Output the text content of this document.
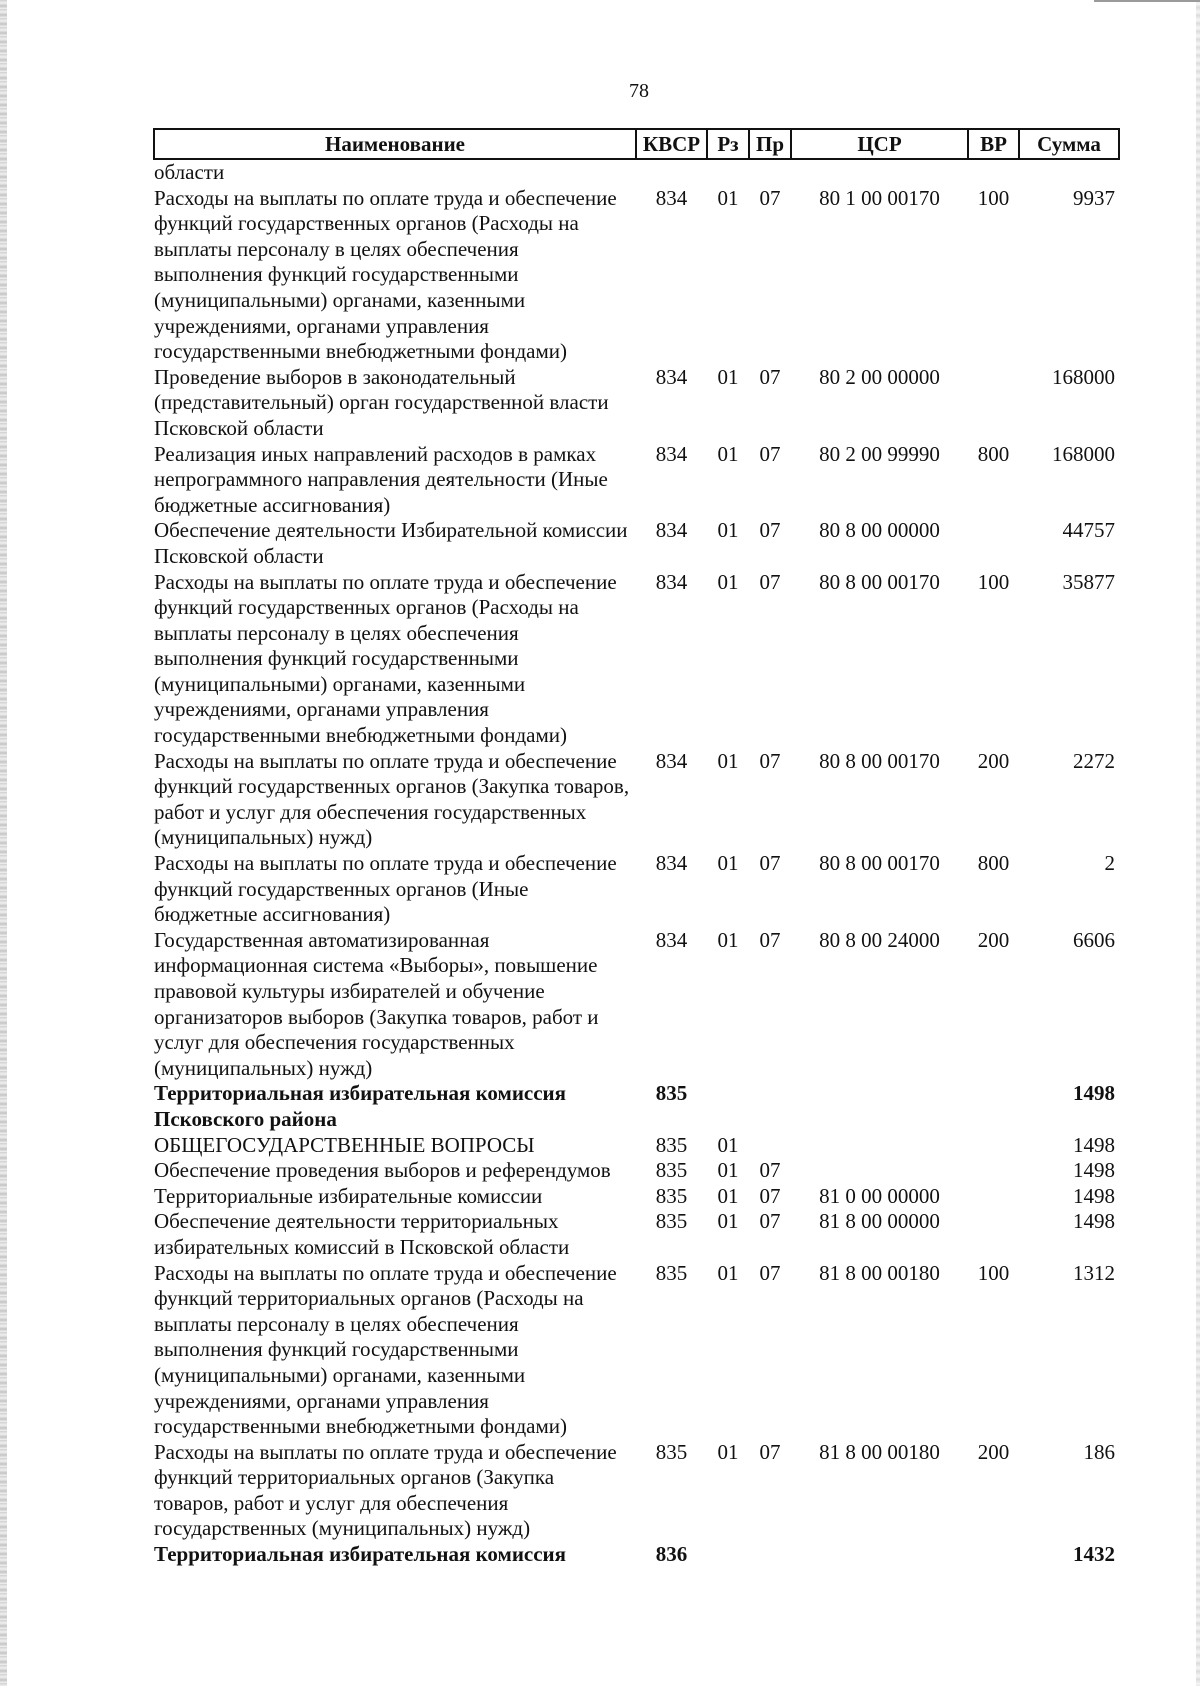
78
Наименование	КВСР	Рз	Пр	ЦСР	ВР	Сумма
области						
Расходы на выплаты по оплате труда и обеспечение функций государственных органов (Расходы на выплаты персоналу в целях обеспечения выполнения функций государственными (муниципальными) органами, казенными учреждениями, органами управления государственными внебюджетными фондами)	834	01	07	80 1 00 00170	100	9937
Проведение выборов в законодательный (представительный) орган государственной власти Псковской области	834	01	07	80 2 00 00000		168000
Реализация иных направлений расходов в рамках непрограммного направления деятельности (Иные бюджетные ассигнования)	834	01	07	80 2 00 99990	800	168000
Обеспечение деятельности Избирательной комиссии Псковской области	834	01	07	80 8 00 00000		44757
Расходы на выплаты по оплате труда и обеспечение функций государственных органов (Расходы на выплаты персоналу в целях обеспечения выполнения функций государственными (муниципальными) органами, казенными учреждениями, органами управления государственными внебюджетными фондами)	834	01	07	80 8 00 00170	100	35877
Расходы на выплаты по оплате труда и обеспечение функций государственных органов (Закупка товаров, работ и услуг для обеспечения государственных (муниципальных) нужд)	834	01	07	80 8 00 00170	200	2272
Расходы на выплаты по оплате труда и обеспечение функций государственных органов (Иные бюджетные ассигнования)	834	01	07	80 8 00 00170	800	2
Государственная автоматизированная информационная система «Выборы», повышение правовой культуры избирателей и обучение организаторов выборов (Закупка товаров, работ и услуг для обеспечения государственных (муниципальных) нужд)	834	01	07	80 8 00 24000	200	6606
Территориальная избирательная комиссия Псковского района	835					1498
ОБЩЕГОСУДАРСТВЕННЫЕ ВОПРОСЫ	835	01				1498
Обеспечение проведения выборов и референдумов	835	01	07			1498
Территориальные избирательные комиссии	835	01	07	81 0 00 00000		1498
Обеспечение деятельности территориальных избирательных комиссий в Псковской области	835	01	07	81 8 00 00000		1498
Расходы на выплаты по оплате труда и обеспечение функций территориальных органов (Расходы на выплаты персоналу в целях обеспечения выполнения функций государственными (муниципальными) органами, казенными учреждениями, органами управления государственными внебюджетными фондами)	835	01	07	81 8 00 00180	100	1312
Расходы на выплаты по оплате труда и обеспечение функций территориальных органов (Закупка товаров, работ и услуг для обеспечения государственных (муниципальных) нужд)	835	01	07	81 8 00 00180	200	186
Территориальная избирательная комиссия	836					1432
